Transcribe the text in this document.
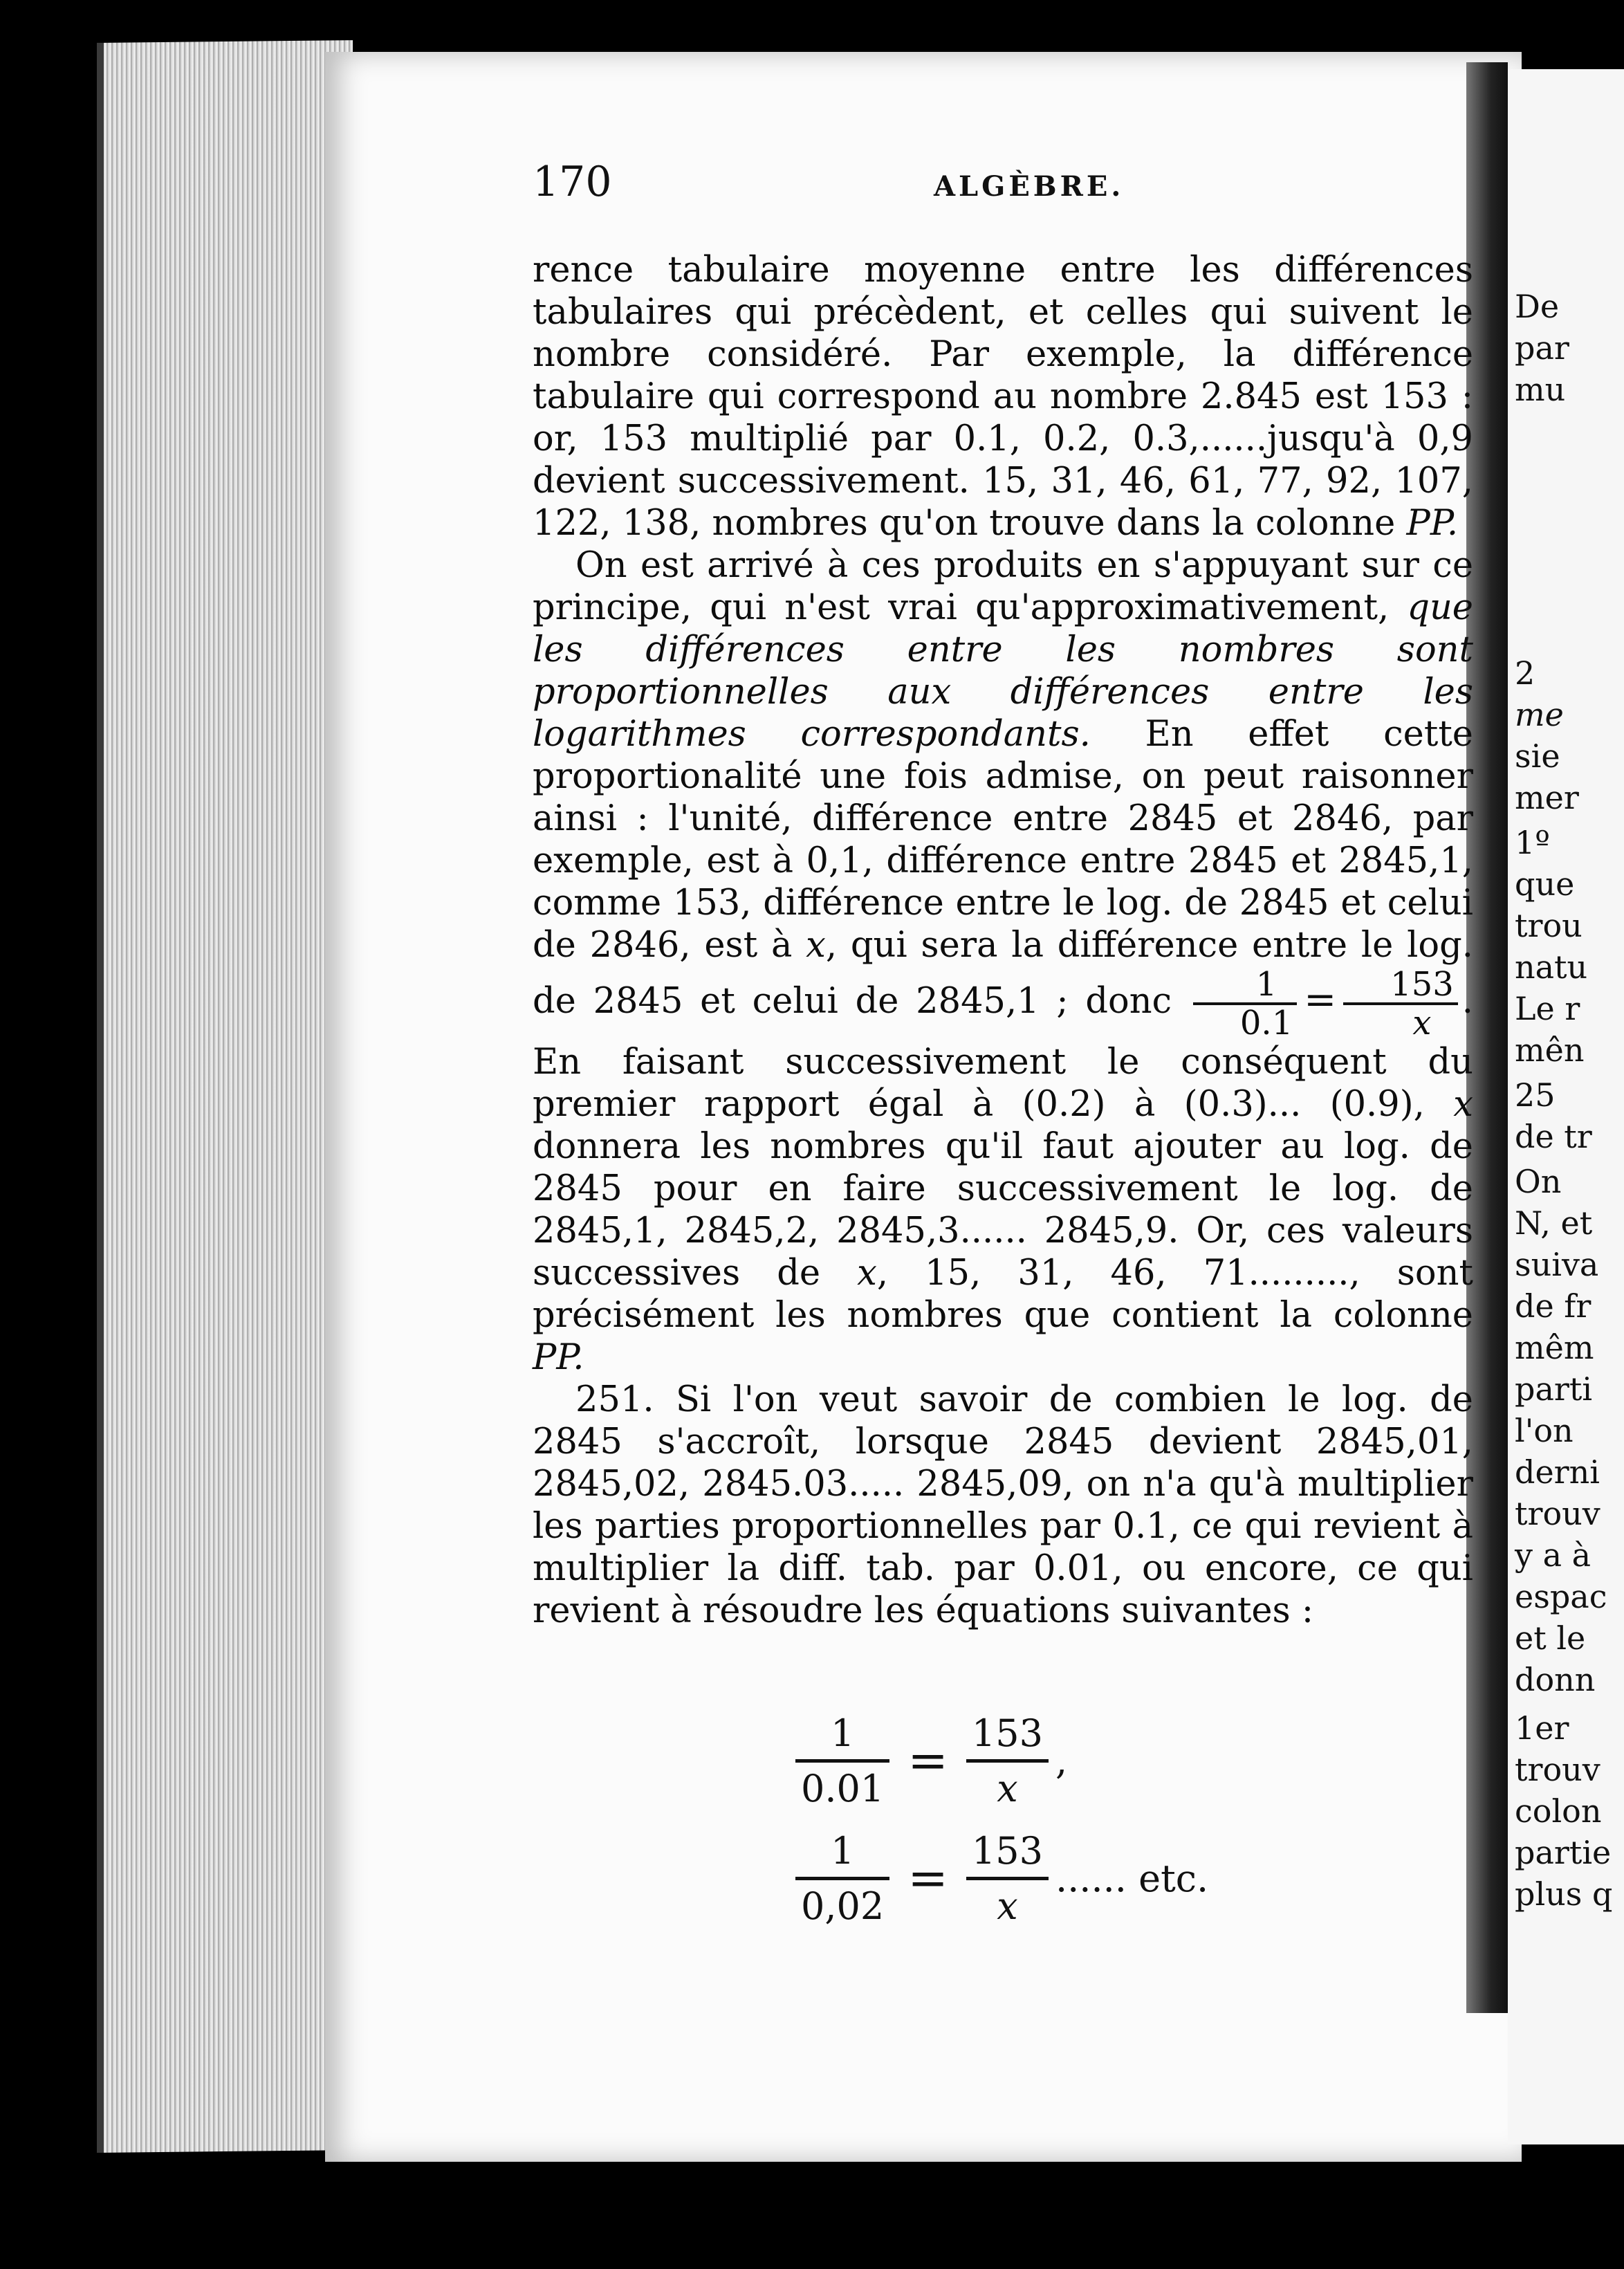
De
par
mu
2
me
sie
mer
1º
que
trou
natu
Le r
mên
25
de tr
On
N, et
suiva
de fr
mêm
parti
l'on
derni
trouv
y a à
espac
et le
donn
1er
trouv
colon
partie
plus q
170	ALGÈBRE.

rence tabulaire moyenne entre les différences tabulaires qui précèdent, et celles qui suivent le nombre considéré. Par exemple, la différence tabulaire qui correspond au nombre 2.845 est 153 : or, 153 multiplié par 0.1, 0.2, 0.3,......jusqu'à 0,9 devient successivement. 15, 31, 46, 61, 77, 92, 107, 122, 138, nombres qu'on trouve dans la colonne PP.

On est arrivé à ces produits en s'appuyant sur ce principe, qui n'est vrai qu'approximativement, que les différences entre les nombres sont proportionnelles aux différences entre les logarithmes correspondants. En effet cette proportionalité une fois admise, on peut raisonner ainsi : l'unité, différence entre 2845 et 2846, par exemple, est à 0,1, différence entre 2845 et 2845,1, comme 153, différence entre le log. de 2845 et celui de 2846, est à x, qui sera la différence entre le log. de 2845 et celui de 2845,1 ; donc $\frac{1}{0.1} = \frac{153}{x}$ . En faisant successivement le conséquent du premier rapport égal à (0.2) à (0.3)... (0.9), x donnera les nombres qu'il faut ajouter au log. de 2845 pour en faire successivement le log. de 2845,1, 2845,2, 2845,3...... 2845,9. Or, ces valeurs successives de x, 15, 31, 46, 71........., sont précisément les nombres que contient la colonne PP.

251. Si l'on veut savoir de combien le log. de 2845 s'accroît, lorsque 2845 devient 2845,01, 2845,02, 2845.03..... 2845,09, on n'a qu'à multiplier les parties proportionnelles par 0.1, ce qui revient à multiplier la diff. tab. par 0.01, ou encore, ce qui revient à résoudre les équations suivantes :

$\frac{1}{0.01} = \frac{153}{x}$ ,
$\frac{1}{0,02} = \frac{153}{x}$ ...... etc.
